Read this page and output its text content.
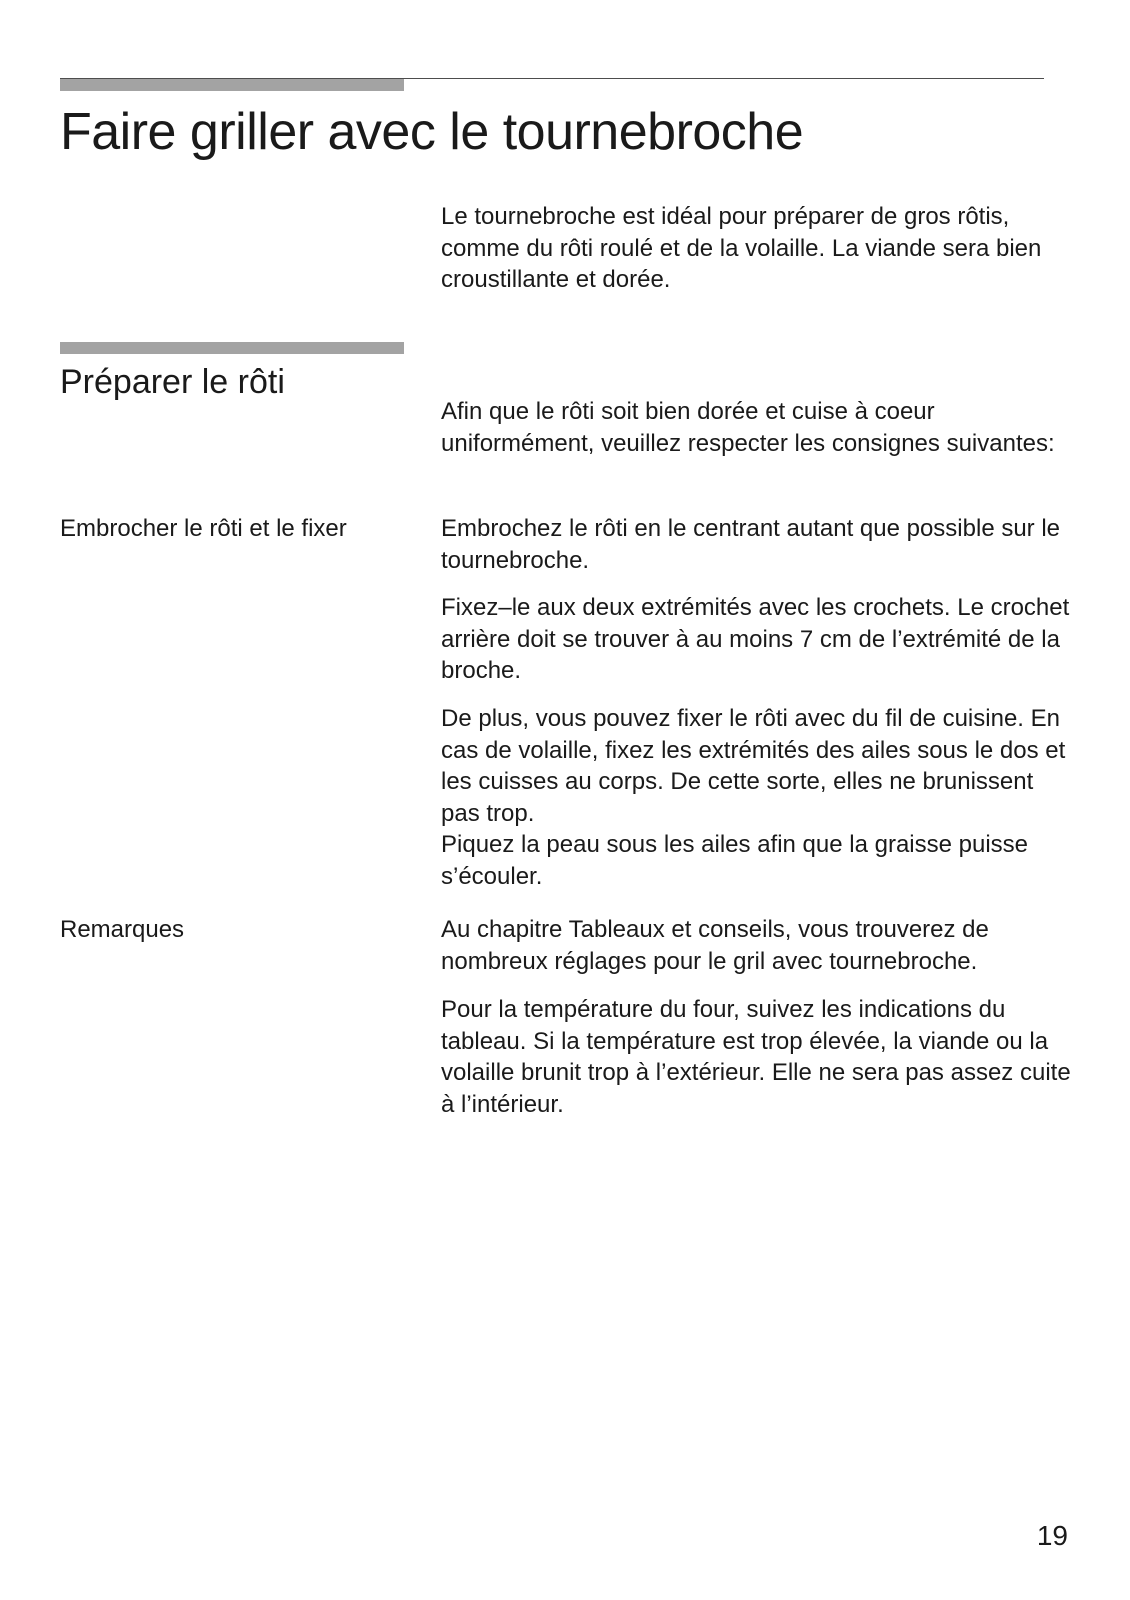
Faire griller avec le tournebroche

Le tournebroche est idéal pour préparer de gros rôtis, comme du rôti roulé et de la volaille. La viande sera bien croustillante et dorée.

Préparer le rôti

Afin que le rôti soit bien dorée et cuise à coeur uniformément, veuillez respecter les consignes suivantes:

Embrocher le rôti et le fixer	Embrochez le rôti en le centrant autant que possible sur le tournebroche.

Fixez–le aux deux extrémités avec les crochets. Le crochet arrière doit se trouver à au moins 7 cm de l’extrémité de la broche.

De plus, vous pouvez fixer le rôti avec du fil de cuisine. En cas de volaille, fixez les extrémités des ailes sous le dos et les cuisses au corps. De cette sorte, elles ne brunissent pas trop.

Piquez la peau sous les ailes afin que la graisse puisse s’écouler.

Remarques	Au chapitre Tableaux et conseils, vous trouverez de nombreux réglages pour le gril avec tournebroche.

Pour la température du four, suivez les indications du tableau. Si la température est trop élevée, la viande ou la volaille brunit trop à l’extérieur. Elle ne sera pas assez cuite à l’intérieur.

19
